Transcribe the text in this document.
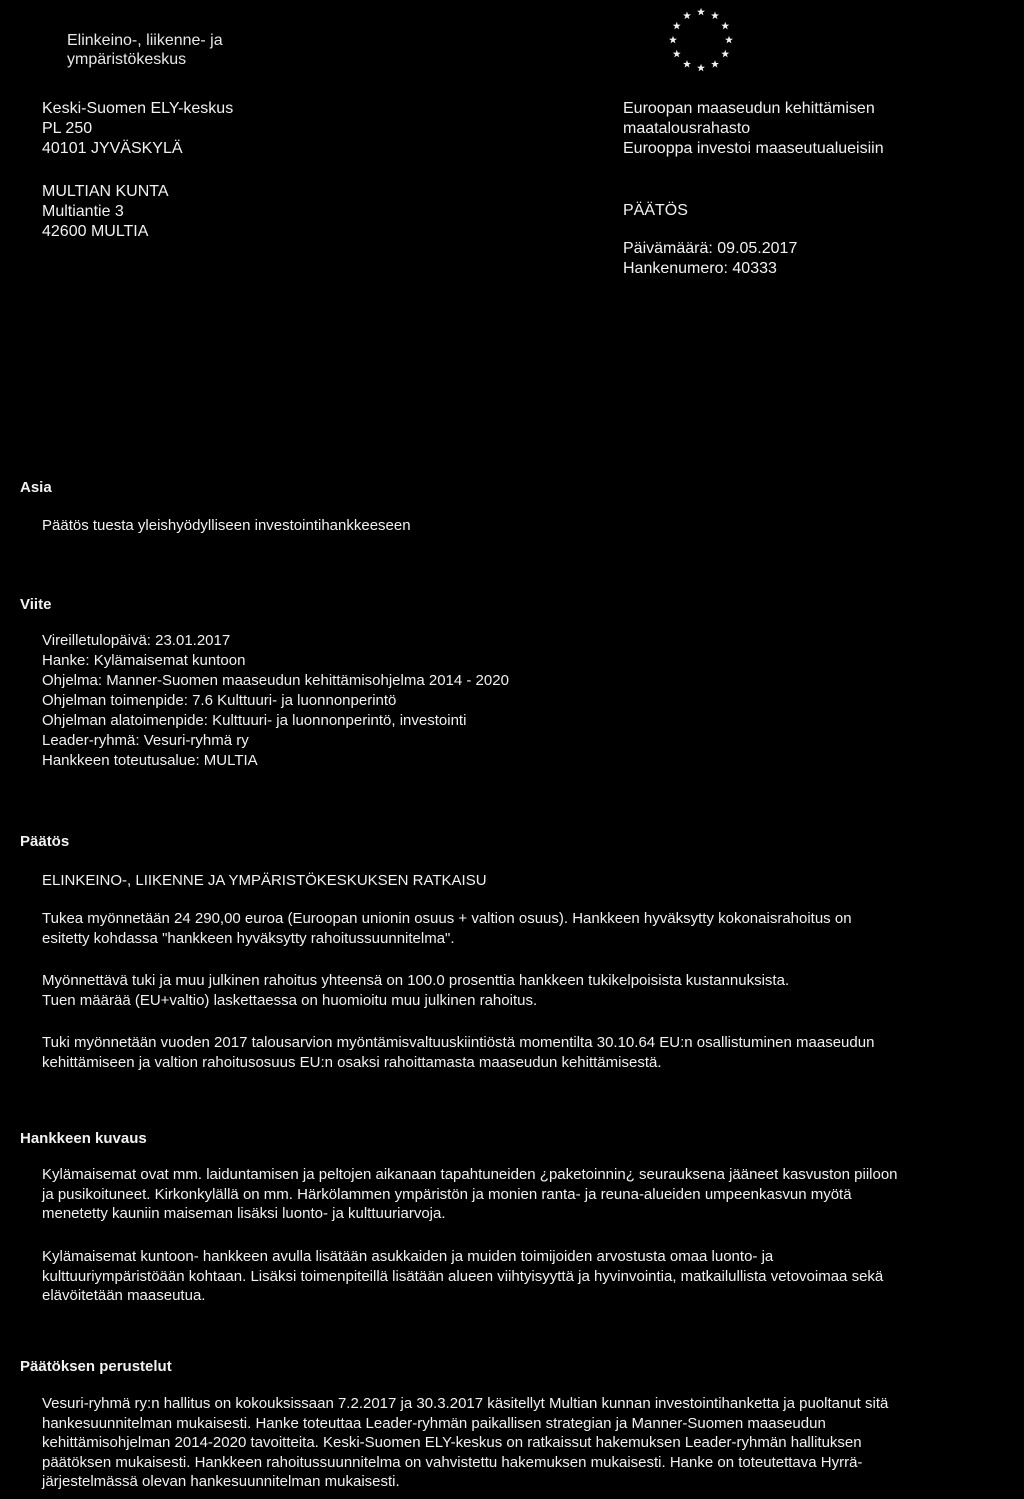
Elinkeino-, liikenne- ja
ympäristökeskus
Keski-Suomen ELY-keskus
PL 250
40101 JYVÄSKYLÄ
MULTIAN KUNTA
Multiantie 3
42600 MULTIA
Euroopan maaseudun kehittämisen
maatalousrahasto
Eurooppa investoi maaseutualueisiin
PÄÄTÖS
Päivämäärä: 09.05.2017
Hankenumero: 40333
Asia
Päätös tuesta yleishyödylliseen investointihankkeeseen
Viite
Vireilletulopäivä: 23.01.2017
Hanke: Kylämaisemat kuntoon
Ohjelma: Manner-Suomen maaseudun kehittämisohjelma 2014 - 2020
Ohjelman toimenpide: 7.6 Kulttuuri- ja luonnonperintö
Ohjelman alatoimenpide: Kulttuuri- ja luonnonperintö, investointi
Leader-ryhmä: Vesuri-ryhmä ry
Hankkeen toteutusalue: MULTIA
Päätös
ELINKEINO-, LIIKENNE JA YMPÄRISTÖKESKUKSEN RATKAISU
Tukea myönnetään 24 290,00 euroa (Euroopan unionin osuus + valtion osuus). Hankkeen hyväksytty kokonaisrahoitus on
esitetty kohdassa "hankkeen hyväksytty rahoitussuunnitelma".
Myönnettävä tuki ja muu julkinen rahoitus yhteensä on 100.0 prosenttia hankkeen tukikelpoisista kustannuksista.
Tuen määrää (EU+valtio) laskettaessa on huomioitu muu julkinen rahoitus.
Tuki myönnetään vuoden 2017 talousarvion myöntämisvaltuuskiintiöstä momentilta 30.10.64 EU:n osallistuminen maaseudun
kehittämiseen ja valtion rahoitusosuus EU:n osaksi rahoittamasta maaseudun kehittämisestä.
Hankkeen kuvaus
Kylämaisemat ovat mm. laiduntamisen ja peltojen aikanaan tapahtuneiden ¿paketoinnin¿ seurauksena jääneet kasvuston piiloon
ja pusikoituneet. Kirkonkylällä on mm. Härkölammen ympäristön ja monien ranta- ja reuna-alueiden umpeenkasvun myötä
menetetty kauniin maiseman lisäksi luonto- ja kulttuuriarvoja.
Kylämaisemat kuntoon- hankkeen avulla lisätään asukkaiden ja muiden toimijoiden arvostusta omaa luonto- ja
kulttuuriympäristöään kohtaan. Lisäksi toimenpiteillä lisätään alueen viihtyisyyttä ja hyvinvointia, matkailullista vetovoimaa sekä
elävöitetään maaseutua.
Päätöksen perustelut
Vesuri-ryhmä ry:n hallitus on kokouksissaan 7.2.2017 ja 30.3.2017 käsitellyt Multian kunnan investointihanketta ja puoltanut sitä
hankesuunnitelman mukaisesti. Hanke toteuttaa Leader-ryhmän paikallisen strategian ja Manner-Suomen maaseudun
kehittämisohjelman 2014-2020 tavoitteita. Keski-Suomen ELY-keskus on ratkaissut hakemuksen Leader-ryhmän hallituksen
päätöksen mukaisesti. Hankkeen rahoitussuunnitelma on vahvistettu hakemuksen mukaisesti. Hanke on toteutettava Hyrrä-
järjestelmässä olevan hankesuunnitelman mukaisesti.
